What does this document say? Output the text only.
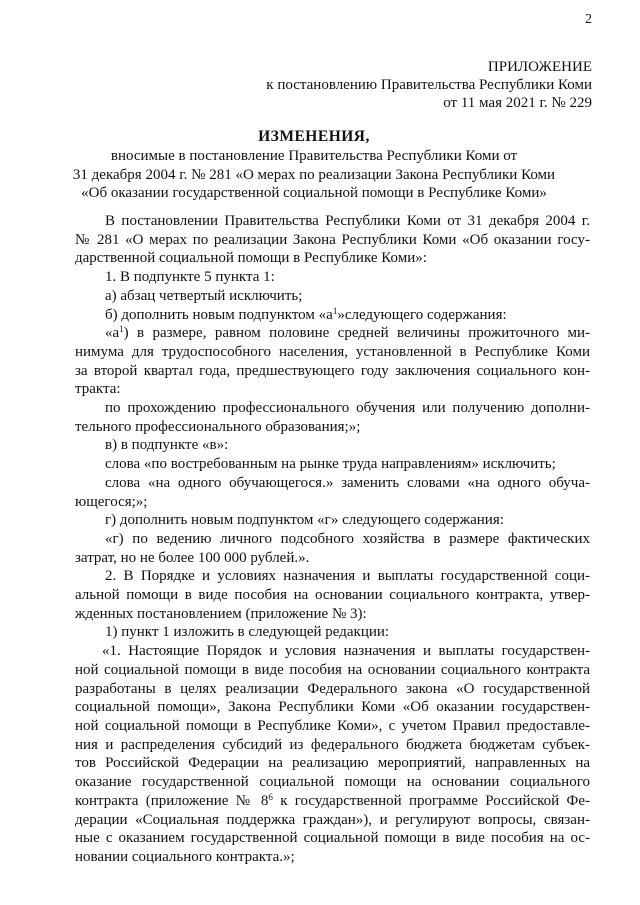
2
ПРИЛОЖЕНИЕ
к постановлению Правительства Республики Коми
от 11 мая 2021 г. № 229
ИЗМЕНЕНИЯ,
вносимые в постановление Правительства Республики Коми от
31 декабря 2004 г. № 281 «О мерах по реализации Закона Республики Коми
«Об оказании государственной социальной помощи в Республике Коми»
В постановлении Правительства Республики Коми от 31 декабря 2004 г.
№ 281 «О мерах по реализации Закона Республики Коми «Об оказании госу-
дарственной социальной помощи в Республике Коми»:
1. В подпункте 5 пункта 1:
а) абзац четвертый исключить;
б) дополнить новым подпунктом «$а^1»следующего$ содержания:
«$а^1$) в размере, равном половине средней величины прожиточного ми-
нимума для трудоспособного населения, установленной в Республике Коми
за второй квартал года, предшествующего году заключения социального кон-
тракта:
по прохождению профессионального обучения или получению дополни-
тельного профессионального образования;»;
в) в подпункте «в»:
слова «по востребованным на рынке труда направлениям» исключить;
слова «на одного обучающегося.» заменить словами «на одного обуча-
ющегося;»;
г) дополнить новым подпунктом «г» следующего содержания:
«г) по ведению личного подсобного хозяйства в размере фактических
затрат, но не более 100 000 рублей.».
2. В Порядке и условиях назначения и выплаты государственной соци-
альной помощи в виде пособия на основании социального контракта, утвер-
жденных постановлением (приложение № 3):
1) пункт 1 изложить в следующей редакции:
«1. Настоящие Порядок и условия назначения и выплаты государствен-
ной социальной помощи в виде пособия на основании социального контракта
разработаны в целях реализации Федерального закона «О государственной
социальной помощи», Закона Республики Коми «Об оказании государствен-
ной социальной помощи в Республике Коми», с учетом Правил предоставле-
ния и распределения субсидий из федерального бюджета бюджетам субъек-
тов Российской Федерации на реализацию мероприятий, направленных на
оказание государственной социальной помощи на основании социального
контракта (приложение № $8^6$ к государственной программе Российской Фе-
дерации «Социальная поддержка граждан»), и регулируют вопросы, связан-
ные с оказанием государственной социальной помощи в виде пособия на ос-
новании социального контракта.»;
